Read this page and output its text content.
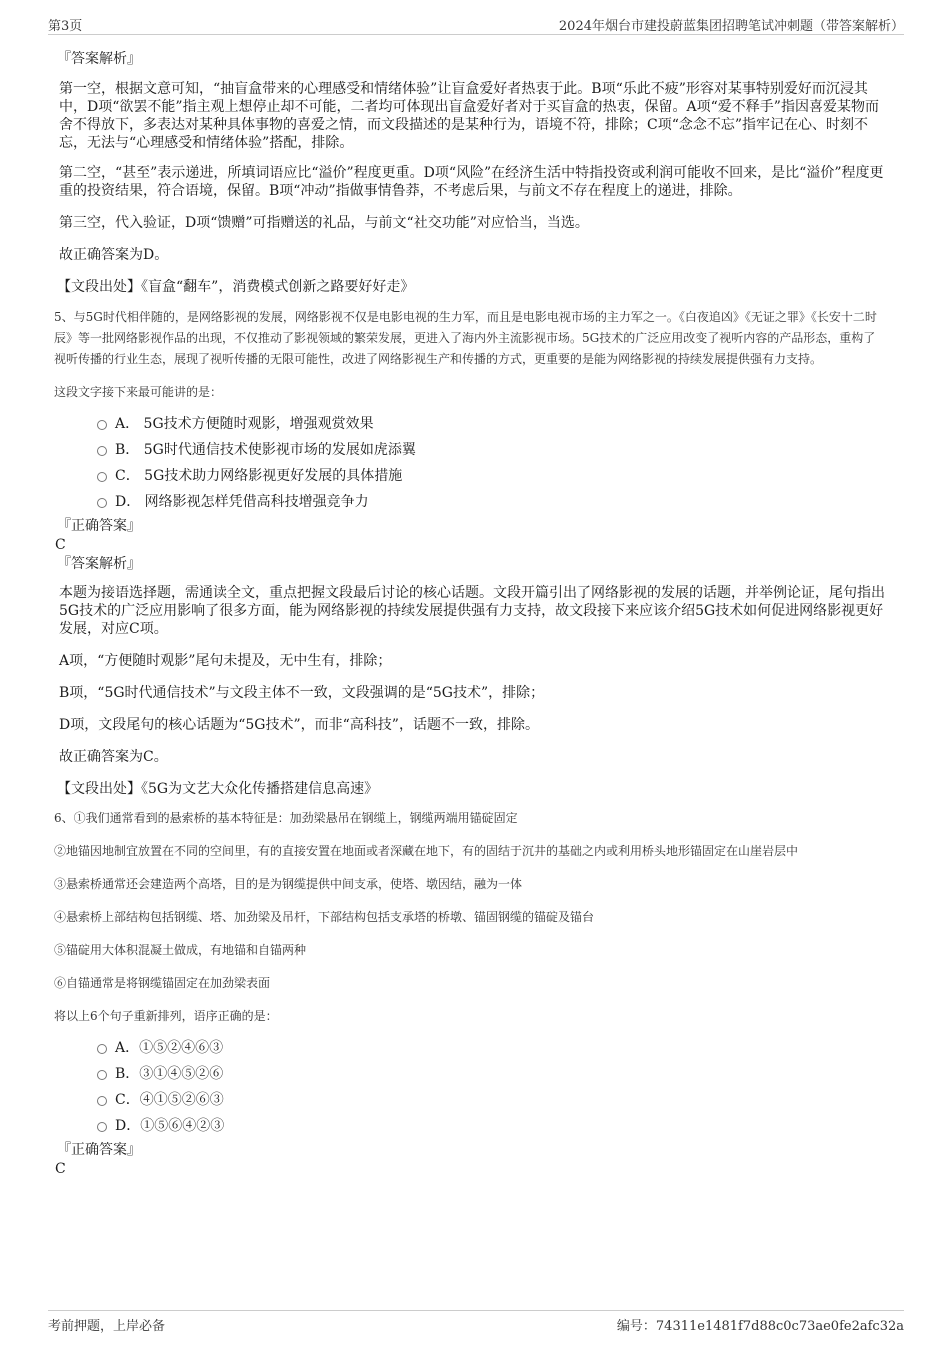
第3页	2024年烟台市建投蔚蓝集团招聘笔试冲刺题（带答案解析）

『答案解析』

第一空，根据文意可知，“抽盲盒带来的心理感受和情绪体验”让盲盒爱好者热衷于此。B项“乐此不疲”形容对某事特别爱好而沉浸其中，D项“欲罢不能”指主观上想停止却不可能，二者均可体现出盲盒爱好者对于买盲盒的热衷，保留。A项“爱不释手”指因喜爱某物而舍不得放下，多表达对某种具体事物的喜爱之情，而文段描述的是某种行为，语境不符，排除；C项“念念不忘”指牢记在心、时刻不忘，无法与“心理感受和情绪体验”搭配，排除。

第二空，“甚至”表示递进，所填词语应比“溢价”程度更重。D项“风险”在经济生活中特指投资或利润可能收不回来，是比“溢价”程度更重的投资结果，符合语境，保留。B项“冲动”指做事情鲁莽，不考虑后果，与前文不存在程度上的递进，排除。

第三空，代入验证，D项“馈赠”可指赠送的礼品，与前文“社交功能”对应恰当，当选。

故正确答案为D。

【文段出处】《盲盒“翻车”，消费模式创新之路要好好走》

5、与5G时代相伴随的，是网络影视的发展，网络影视不仅是电影电视的生力军，而且是电影电视市场的主力军之一。《白夜追凶》《无证之罪》《长安十二时辰》等一批网络影视作品的出现，不仅推动了影视领域的繁荣发展，更进入了海内外主流影视市场。5G技术的广泛应用改变了视听内容的产品形态，重构了视听传播的行业生态，展现了视听传播的无限可能性，改进了网络影视生产和传播的方式，更重要的是能为网络影视的持续发展提供强有力支持。

这段文字接下来最可能讲的是：

A． 5G技术方便随时观影，增强观赏效果
B． 5G时代通信技术使影视市场的发展如虎添翼
C． 5G技术助力网络影视更好发展的具体措施
D． 网络影视怎样凭借高科技增强竞争力

『正确答案』

C

『答案解析』

本题为接语选择题，需通读全文，重点把握文段最后讨论的核心话题。文段开篇引出了网络影视的发展的话题，并举例论证，尾句指出5G技术的广泛应用影响了很多方面，能为网络影视的持续发展提供强有力支持，故文段接下来应该介绍5G技术如何促进网络影视更好发展，对应C项。

A项，“方便随时观影”尾句未提及，无中生有，排除；

B项，“5G时代通信技术”与文段主体不一致，文段强调的是“5G技术”，排除；

D项，文段尾句的核心话题为“5G技术”，而非“高科技”，话题不一致，排除。

故正确答案为C。

【文段出处】《5G为文艺大众化传播搭建信息高速》

6、①我们通常看到的悬索桥的基本特征是：加劲梁悬吊在钢缆上，钢缆两端用锚碇固定

②地锚因地制宜放置在不同的空间里，有的直接安置在地面或者深藏在地下，有的固结于沉井的基础之内或利用桥头地形锚固定在山崖岩层中

③悬索桥通常还会建造两个高塔，目的是为钢缆提供中间支承，使塔、墩因结，融为一体

④悬索桥上部结构包括钢缆、塔、加劲梁及吊杆，下部结构包括支承塔的桥墩、锚固钢缆的锚碇及锚台

⑤锚碇用大体积混凝土做成，有地锚和自锚两种

⑥自锚通常是将钢缆锚固定在加劲梁表面

将以上6个句子重新排列，语序正确的是：

A．①⑤②④⑥③
B．③①④⑤②⑥
C．④①⑤②⑥③
D．①⑤⑥④②③

『正确答案』

C

考前押题，上岸必备	编号：74311e1481f7d88c0c73ae0fe2afc32a
